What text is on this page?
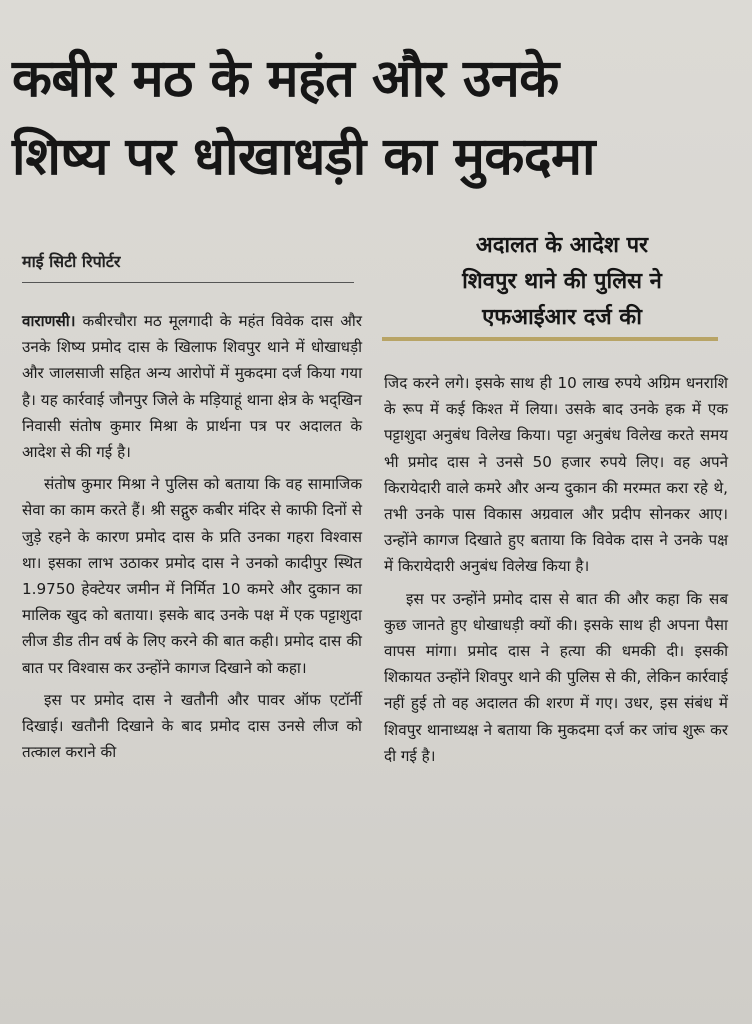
कबीर मठ के महंत और उनके
शिष्य पर धोखाधड़ी का मुकदमा
माई सिटी रिपोर्टर

वाराणसी। कबीरचौरा मठ मूलगादी के महंत विवेक दास और उनके शिष्य प्रमोद दास के खिलाफ शिवपुर थाने में धोखाधड़ी और जालसाजी सहित अन्य आरोपों में मुकदमा दर्ज किया गया है। यह कार्रवाई जौनपुर जिले के मड़ियाहूं थाना क्षेत्र के भद्खिन निवासी संतोष कुमार मिश्रा के प्रार्थना पत्र पर अदालत के आदेश से की गई है।

संतोष कुमार मिश्रा ने पुलिस को बताया कि वह सामाजिक सेवा का काम करते हैं। श्री सद्गुरु कबीर मंदिर से काफी दिनों से जुड़े रहने के कारण प्रमोद दास के प्रति उनका गहरा विश्वास था। इसका लाभ उठाकर प्रमोद दास ने उनको कादीपुर स्थित 1.9750 हेक्टेयर जमीन में निर्मित 10 कमरे और दुकान का मालिक खुद को बताया। इसके बाद उनके पक्ष में एक पट्टाशुदा लीज डीड तीन वर्ष के लिए करने की बात कही। प्रमोद दास की बात पर विश्वास कर उन्होंने कागज दिखाने को कहा।

इस पर प्रमोद दास ने खतौनी और पावर ऑफ एटॉर्नी दिखाई। खतौनी दिखाने के बाद प्रमोद दास उनसे लीज को तत्काल कराने की

अदालत के आदेश पर
शिवपुर थाने की पुलिस ने
एफआईआर दर्ज की

जिद करने लगे। इसके साथ ही 10 लाख रुपये अग्रिम धनराशि के रूप में कई किश्त में लिया। उसके बाद उनके हक में एक पट्टाशुदा अनुबंध विलेख किया। पट्टा अनुबंध विलेख करते समय भी प्रमोद दास ने उनसे 50 हजार रुपये लिए। वह अपने किरायेदारी वाले कमरे और अन्य दुकान की मरम्मत करा रहे थे, तभी उनके पास विकास अग्रवाल और प्रदीप सोनकर आए। उन्होंने कागज दिखाते हुए बताया कि विवेक दास ने उनके पक्ष में किरायेदारी अनुबंध विलेख किया है।

इस पर उन्होंने प्रमोद दास से बात की और कहा कि सब कुछ जानते हुए धोखाधड़ी क्यों की। इसके साथ ही अपना पैसा वापस मांगा। प्रमोद दास ने हत्या की धमकी दी। इसकी शिकायत उन्होंने शिवपुर थाने की पुलिस से की, लेकिन कार्रवाई नहीं हुई तो वह अदालत की शरण में गए। उधर, इस संबंध में शिवपुर थानाध्यक्ष ने बताया कि मुकदमा दर्ज कर जांच शुरू कर दी गई है।
